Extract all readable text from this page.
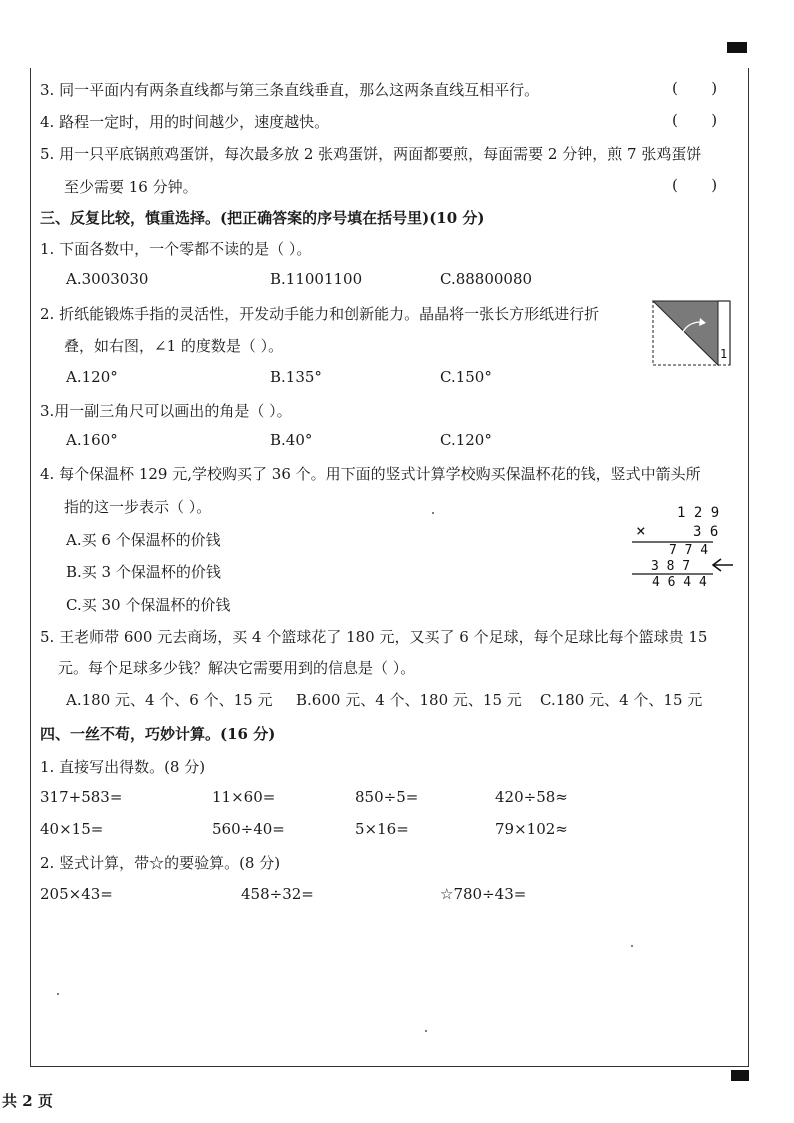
3. 同一平面内有两条直线都与第三条直线垂直，那么这两条直线互相平行。	(       )
4. 路程一定时，用的时间越少，速度越快。	(       )
5. 用一只平底锅煎鸡蛋饼，每次最多放 2 张鸡蛋饼，两面都要煎，每面需要 2 分钟，煎 7 张鸡蛋饼
至少需要 16 分钟。	(       )
三、反复比较，慎重选择。(把正确答案的序号填在括号里)(10 分)
1. 下面各数中，一个零都不读的是（ ）。
A.3003030	B.11001100	C.88800080
2. 折纸能锻炼手指的灵活性，开发动手能力和创新能力。晶晶将一张长方形纸进行折
叠，如右图，∠1 的度数是（ ）。	1
A.120°	B.135°	C.150°
3.用一副三角尺可以画出的角是（ ）。
A.160°	B.40°	C.120°
4. 每个保温杯 129 元,学校购买了 36 个。用下面的竖式计算学校购买保温杯花的钱，竖式中箭头所
指的这一步表示（ ）。
A.买 6 个保温杯的价钱
B.买 3 个保温杯的价钱
C.买 30 个保温杯的价钱
1 2 9
×	3 6
7 7 4
3 8 7
4 6 4 4
5. 王老师带 600 元去商场，买 4 个篮球花了 180 元，又买了 6 个足球，每个足球比每个篮球贵 15
元。每个足球多少钱？解决它需要用到的信息是（ ）。
A.180 元、4 个、6 个、15 元 B.600 元、4 个、180 元、15 元 C.180 元、4 个、15 元
四、一丝不苟，巧妙计算。(16 分)
1. 直接写出得数。(8 分)
317+583=	11×60=	850÷5=	420÷58≈
40×15=	560÷40=	5×16=	79×102≈
2. 竖式计算，带☆的要验算。(8 分)
205×43=	458÷32=	☆780÷43=
共 2 页
